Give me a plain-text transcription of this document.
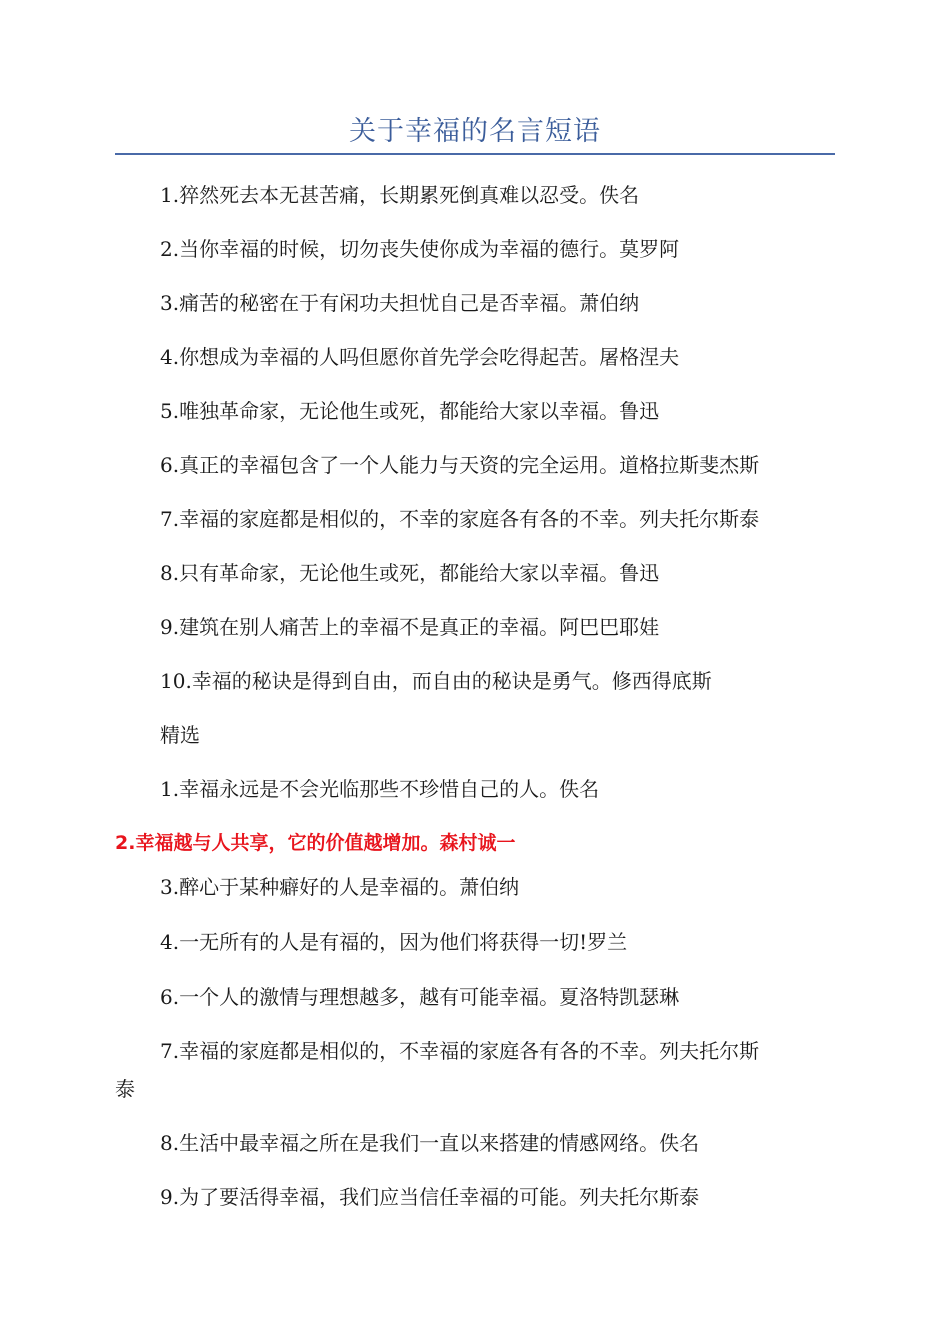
关于幸福的名言短语
1.猝然死去本无甚苦痛，长期累死倒真难以忍受。佚名
2.当你幸福的时候，切勿丧失使你成为幸福的德行。莫罗阿
3.痛苦的秘密在于有闲功夫担忧自己是否幸福。萧伯纳
4.你想成为幸福的人吗但愿你首先学会吃得起苦。屠格涅夫
5.唯独革命家，无论他生或死，都能给大家以幸福。鲁迅
6.真正的幸福包含了一个人能力与天资的完全运用。道格拉斯斐杰斯
7.幸福的家庭都是相似的，不幸的家庭各有各的不幸。列夫托尔斯泰
8.只有革命家，无论他生或死，都能给大家以幸福。鲁迅
9.建筑在别人痛苦上的幸福不是真正的幸福。阿巴巴耶娃
10.幸福的秘诀是得到自由，而自由的秘诀是勇气。修西得底斯
精选
1.幸福永远是不会光临那些不珍惜自己的人。佚名
2.幸福越与人共享，它的价值越增加。森村诚一
3.醉心于某种癖好的人是幸福的。萧伯纳
4.一无所有的人是有福的，因为他们将获得一切!罗兰
6.一个人的激情与理想越多，越有可能幸福。夏洛特凯瑟琳
7.幸福的家庭都是相似的，不幸福的家庭各有各的不幸。列夫托尔斯
泰
8.生活中最幸福之所在是我们一直以来搭建的情感网络。佚名
9.为了要活得幸福，我们应当信任幸福的可能。列夫托尔斯泰
